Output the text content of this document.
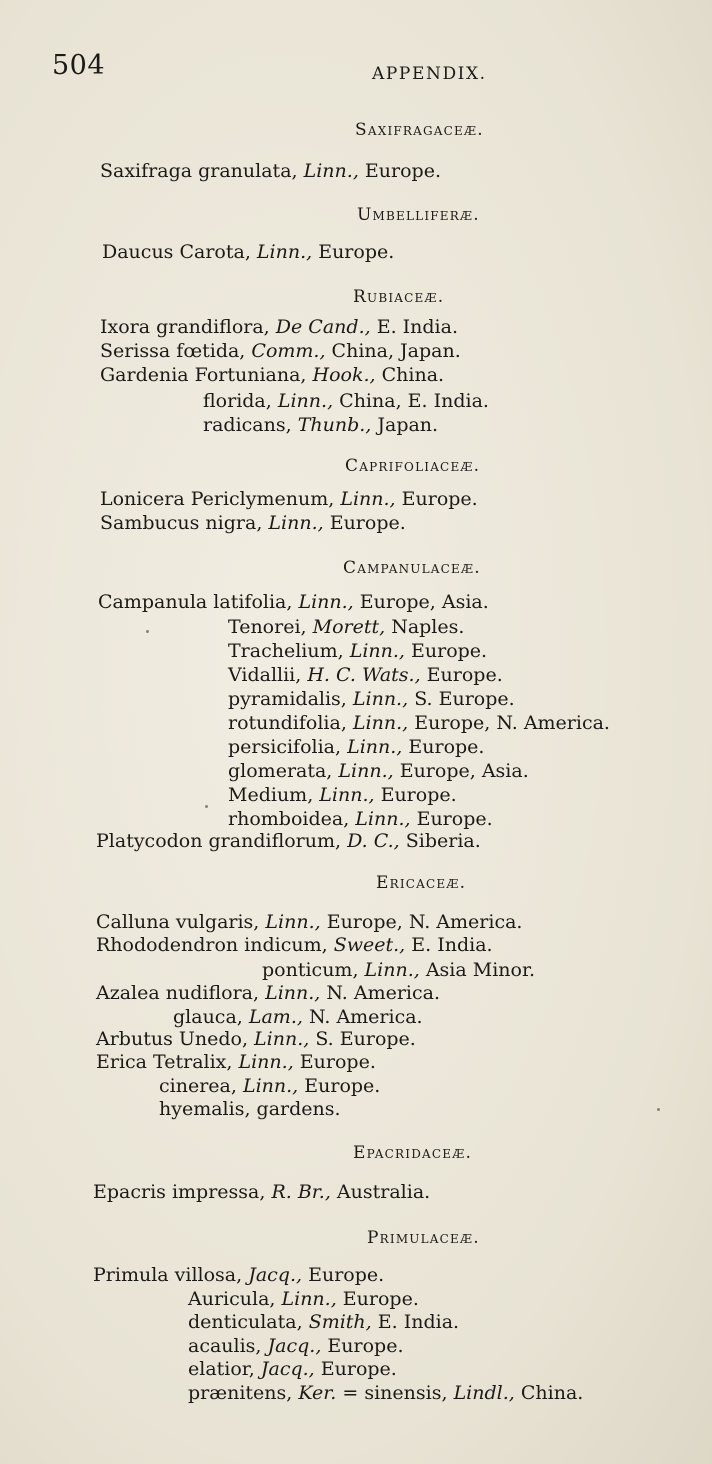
504	APPENDIX.
Saxifragaceæ.
Saxifraga granulata, Linn., Europe.
Umbelliferæ.
Daucus Carota, Linn., Europe.
Rubiaceæ.
Ixora grandiflora, De Cand., E. India.
Serissa fœtida, Comm., China, Japan.
Gardenia Fortuniana, Hook., China.
florida, Linn., China, E. India.
radicans, Thunb., Japan.
Caprifoliaceæ.
Lonicera Periclymenum, Linn., Europe.
Sambucus nigra, Linn., Europe.
Campanulaceæ.
Campanula latifolia, Linn., Europe, Asia.
Tenorei, Morett, Naples.
Trachelium, Linn., Europe.
Vidallii, H. C. Wats., Europe.
pyramidalis, Linn., S. Europe.
rotundifolia, Linn., Europe, N. America.
persicifolia, Linn., Europe.
glomerata, Linn., Europe, Asia.
Medium, Linn., Europe.
rhomboidea, Linn., Europe.
Platycodon grandiflorum, D. C., Siberia.
Ericaceæ.
Calluna vulgaris, Linn., Europe, N. America.
Rhododendron indicum, Sweet., E. India.
ponticum, Linn., Asia Minor.
Azalea nudiflora, Linn., N. America.
glauca, Lam., N. America.
Arbutus Unedo, Linn., S. Europe.
Erica Tetralix, Linn., Europe.
cinerea, Linn., Europe.
hyemalis, gardens.
Epacridaceæ.
Epacris impressa, R. Br., Australia.
Primulaceæ.
Primula villosa, Jacq., Europe.
Auricula, Linn., Europe.
denticulata, Smith, E. India.
acaulis, Jacq., Europe.
elatior, Jacq., Europe.
prænitens, Ker. = sinensis, Lindl., China.
